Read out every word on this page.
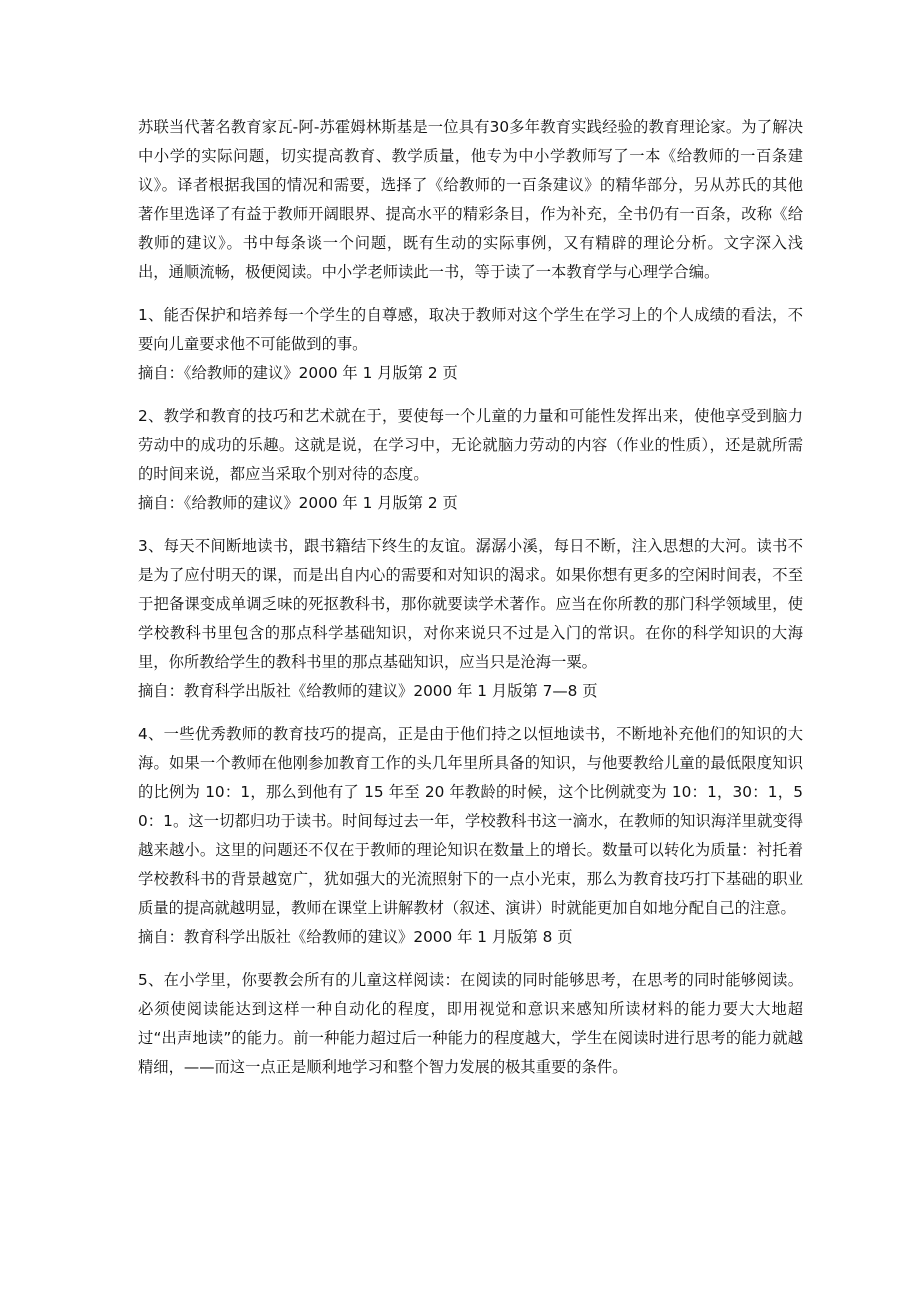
苏联当代著名教育家瓦-阿-苏霍姆林斯基是一位具有30多年教育实践经验的教育理论家。为了解决中小学的实际问题，切实提高教育、教学质量，他专为中小学教师写了一本《给教师的一百条建议》。译者根据我国的情况和需要，选择了《给教师的一百条建议》的精华部分，另从苏氏的其他著作里选译了有益于教师开阔眼界、提高水平的精彩条目，作为补充，全书仍有一百条，改称《给教师的建议》。书中每条谈一个问题，既有生动的实际事例，又有精辟的理论分析。文字深入浅出，通顺流畅，极便阅读。中小学老师读此一书，等于读了一本教育学与心理学合编。

1、能否保护和培养每一个学生的自尊感，取决于教师对这个学生在学习上的个人成绩的看法，不要向儿童要求他不可能做到的事。

摘自：《给教师的建议》2000 年 1 月版第 2 页

2、教学和教育的技巧和艺术就在于，要使每一个儿童的力量和可能性发挥出来，使他享受到脑力劳动中的成功的乐趣。这就是说，在学习中，无论就脑力劳动的内容（作业的性质），还是就所需的时间来说，都应当采取个别对待的态度。

摘自：《给教师的建议》2000 年 1 月版第 2 页

3、每天不间断地读书，跟书籍结下终生的友谊。潺潺小溪，每日不断，注入思想的大河。读书不是为了应付明天的课，而是出自内心的需要和对知识的渴求。如果你想有更多的空闲时间表，不至于把备课变成单调乏味的死抠教科书，那你就要读学术著作。应当在你所教的那门科学领域里，使学校教科书里包含的那点科学基础知识，对你来说只不过是入门的常识。在你的科学知识的大海里，你所教给学生的教科书里的那点基础知识，应当只是沧海一粟。

摘自：教育科学出版社《给教师的建议》2000 年 1 月版第 7—8 页

4、一些优秀教师的教育技巧的提高，正是由于他们持之以恒地读书，不断地补充他们的知识的大海。如果一个教师在他刚参加教育工作的头几年里所具备的知识，与他要教给儿童的最低限度知识的比例为 10：1，那么到他有了 15 年至 20 年教龄的时候，这个比例就变为 10：1，30：1，50：1。这一切都归功于读书。时间每过去一年，学校教科书这一滴水，在教师的知识海洋里就变得越来越小。这里的问题还不仅在于教师的理论知识在数量上的增长。数量可以转化为质量：衬托着学校教科书的背景越宽广，犹如强大的光流照射下的一点小光束，那么为教育技巧打下基础的职业质量的提高就越明显，教师在课堂上讲解教材（叙述、演讲）时就能更加自如地分配自己的注意。

摘自：教育科学出版社《给教师的建议》2000 年 1 月版第 8 页

5、在小学里，你要教会所有的儿童这样阅读：在阅读的同时能够思考，在思考的同时能够阅读。必须使阅读能达到这样一种自动化的程度，即用视觉和意识来感知所读材料的能力要大大地超过“出声地读”的能力。前一种能力超过后一种能力的程度越大，学生在阅读时进行思考的能力就越精细，——而这一点正是顺利地学习和整个智力发展的极其重要的条件。
